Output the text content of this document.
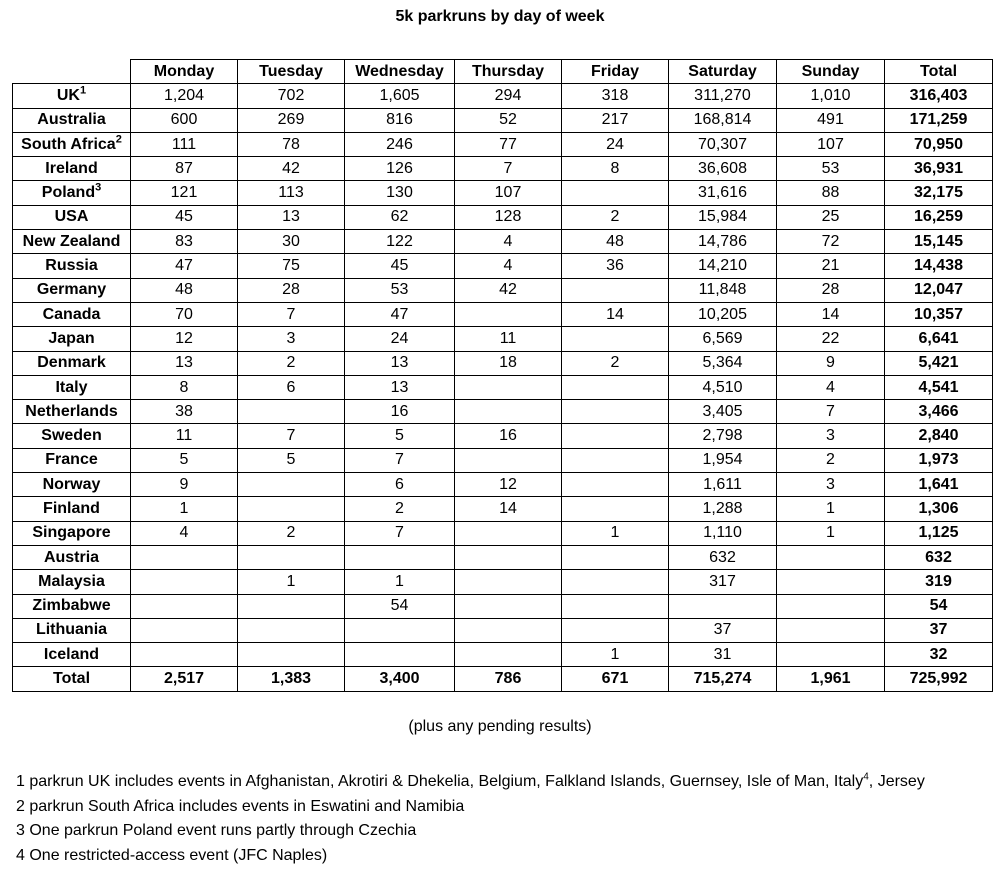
5k parkruns by day of week
	Monday	Tuesday	Wednesday	Thursday	Friday	Saturday	Sunday	Total
$UK^1$	1,204	702	1,605	294	318	311,270	1,010	316,403
Australia	600	269	816	52	217	168,814	491	171,259
South Africa$^2$	111	78	246	77	24	70,307	107	70,950
Ireland	87	42	126	7	8	36,608	53	36,931
Poland$^3$	121	113	130	107		31,616	88	32,175
USA	45	13	62	128	2	15,984	25	16,259
New Zealand	83	30	122	4	48	14,786	72	15,145
Russia	47	75	45	4	36	14,210	21	14,438
Germany	48	28	53	42		11,848	28	12,047
Canada	70	7	47		14	10,205	14	10,357
Japan	12	3	24	11		6,569	22	6,641
Denmark	13	2	13	18	2	5,364	9	5,421
Italy	8	6	13			4,510	4	4,541
Netherlands	38		16			3,405	7	3,466
Sweden	11	7	5	16		2,798	3	2,840
France	5	5	7			1,954	2	1,973
Norway	9		6	12		1,611	3	1,641
Finland	1		2	14		1,288	1	1,306
Singapore	4	2	7		1	1,110	1	1,125
Austria						632		632
Malaysia		1	1			317		319
Zimbabwe			54					54
Lithuania						37		37
Iceland					1	31		32
Total	2,517	1,383	3,400	786	671	715,274	1,961	725,992
(plus any pending results)
1 parkrun UK includes events in Afghanistan, Akrotiri & Dhekelia, Belgium, Falkland Islands, Guernsey, Isle of Man, Italy$^4$, Jersey
2 parkrun South Africa includes events in Eswatini and Namibia
3 One parkrun Poland event runs partly through Czechia
4 One restricted-access event (JFC Naples)
